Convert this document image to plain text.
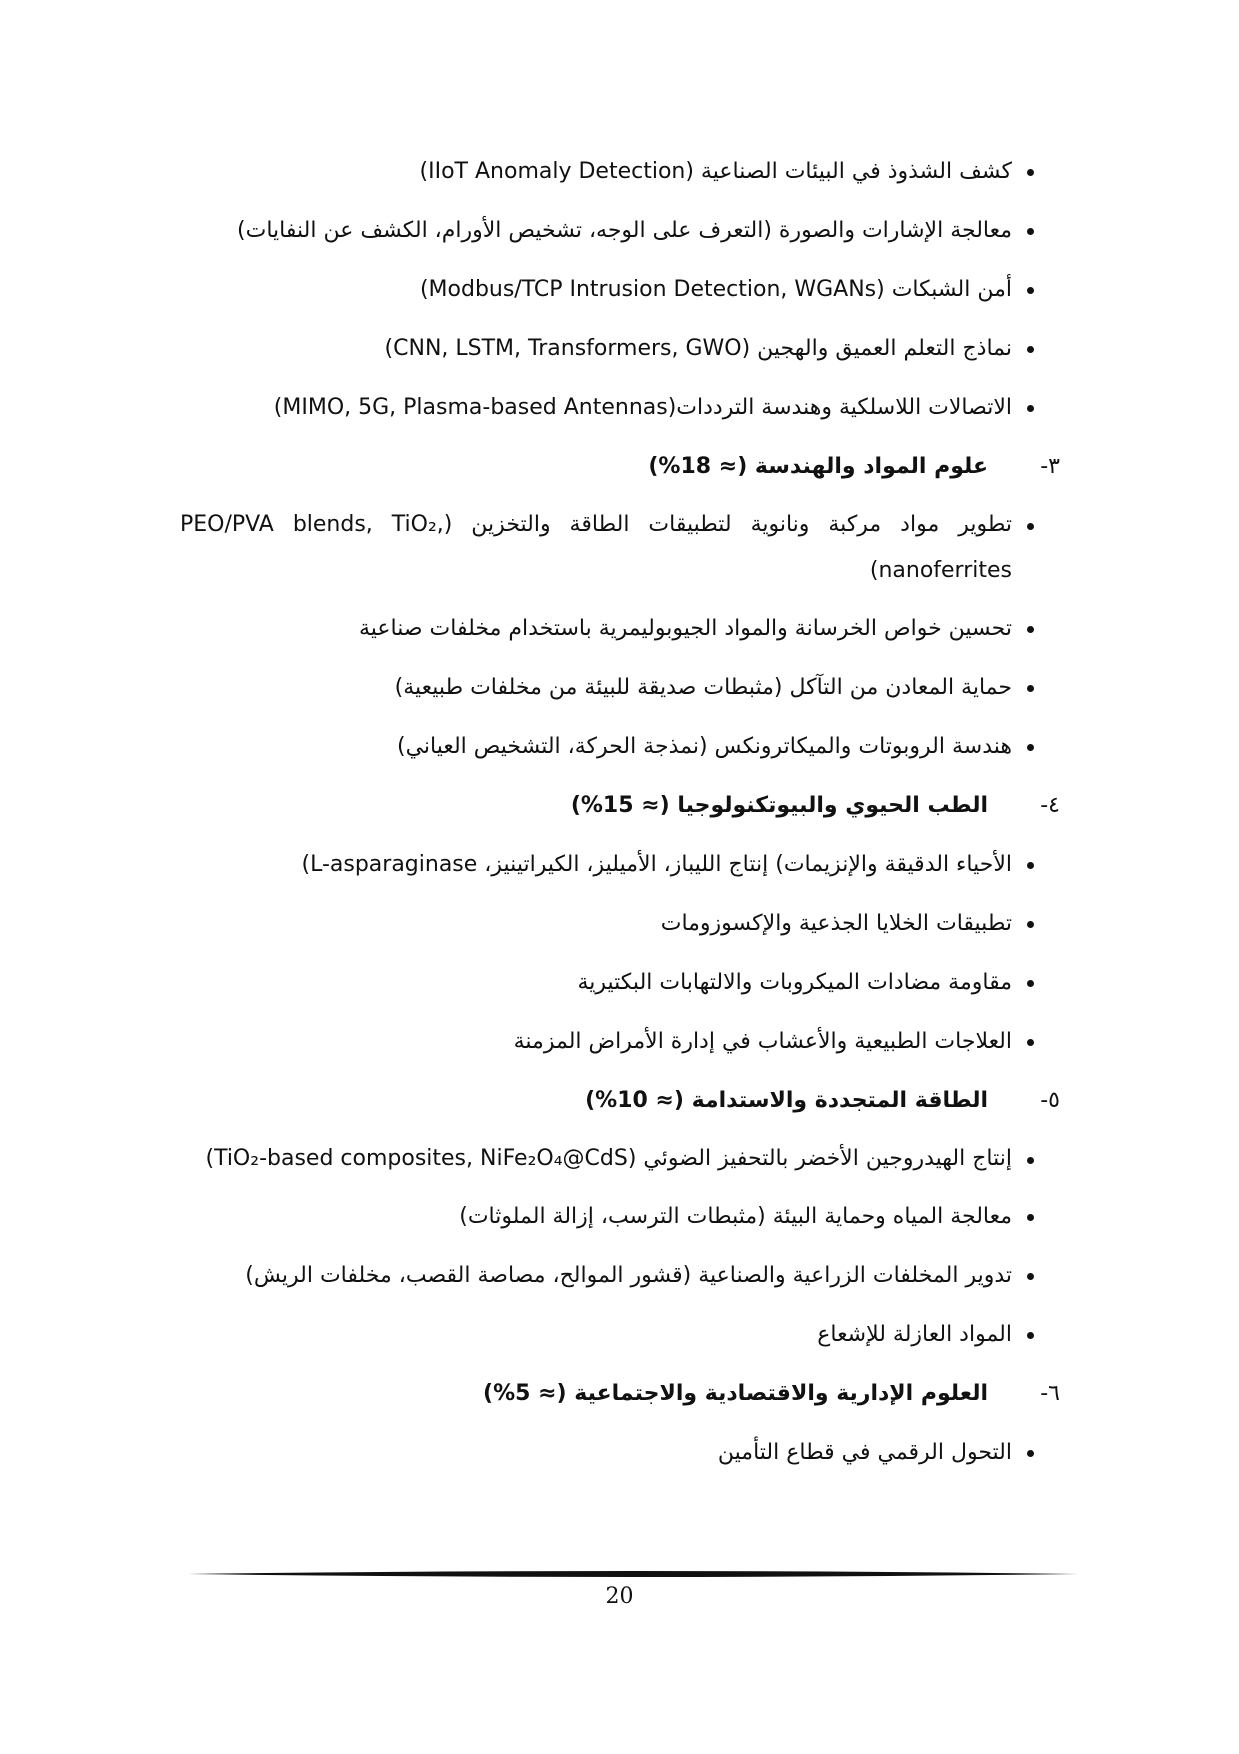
كشف الشذوذ في البيئات الصناعية (IIoT Anomaly Detection)
معالجة الإشارات والصورة (التعرف على الوجه، تشخيص الأورام، الكشف عن النفايات)
أمن الشبكات (Modbus/TCP Intrusion Detection, WGANs)
نماذج التعلم العميق والهجين (CNN, LSTM, Transformers, GWO)
الاتصالات اللاسلكية وهندسة الترددات(MIMO, 5G, Plasma-based Antennas)
٣-
علوم المواد والهندسة (≈ 18%)
تطوير مواد مركبة ونانوية لتطبيقات الطاقة والتخزين (PEO/PVA blends, TiO₂, nanoferrites)
تحسين خواص الخرسانة والمواد الجيوبوليمرية باستخدام مخلفات صناعية
حماية المعادن من التآكل (مثبطات صديقة للبيئة من مخلفات طبيعية)
هندسة الروبوتات والميكاترونكس (نمذجة الحركة، التشخيص العياني)
٤-
الطب الحيوي والبيوتكنولوجيا (≈ 15%)
الأحياء الدقيقة والإنزيمات) إنتاج الليباز، الأميليز، الكيراتينيز، L-asparaginase)
تطبيقات الخلايا الجذعية والإكسوزومات
مقاومة مضادات الميكروبات والالتهابات البكتيرية
العلاجات الطبيعية والأعشاب في إدارة الأمراض المزمنة
٥-
الطاقة المتجددة والاستدامة (≈ 10%)
إنتاج الهيدروجين الأخضر بالتحفيز الضوئي (TiO₂-based composites, NiFe₂O₄@CdS)
معالجة المياه وحماية البيئة (مثبطات الترسب، إزالة الملوثات)
تدوير المخلفات الزراعية والصناعية (قشور الموالح، مصاصة القصب، مخلفات الريش)
المواد العازلة للإشعاع
٦-
العلوم الإدارية والاقتصادية والاجتماعية (≈ 5%)
التحول الرقمي في قطاع التأمين
20
